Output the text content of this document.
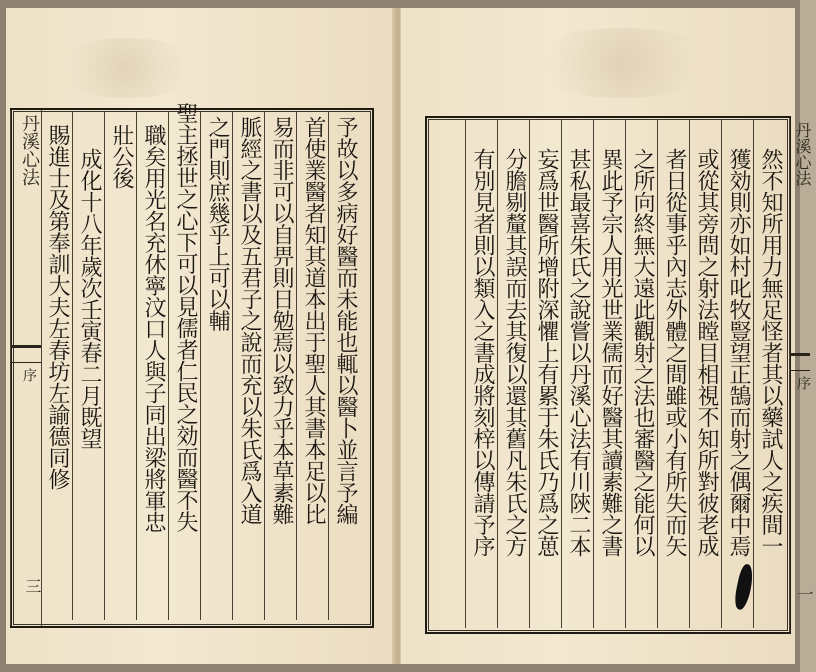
丹溪心法
序
三
予故以多病好醫而未能也輒以醫卜並言予編
首使業醫者知其道本出于聖人其書本足以比
易而非可以自畀則日勉焉以致力乎本草素難
脈經之書以及五君子之說而充以朱氏爲入道
之門則庶幾乎上可以輔
聖主拯世之心下可以見儒者仁民之効而醫不失
職矣用光名充休寧汶口人與子同出梁將軍忠
壯公後
成化十八年歲次壬寅春二月既望
賜進士及第奉訓大夫左春坊左諭德同修	然不知所用力無足怪者其以藥試人之疾間一
獲効則亦如村叱牧豎望正鵠而射之偶爾中焉
或從其旁問之射法瞠目相視不知所對彼老成
者日從事乎內志外體之間雖或小有所失而矢
之所向終無大遠此觀射之法也審醫之能何以
異此予宗人用光世業儒而好醫其讀素難之書
甚私最喜朱氏之說嘗以丹溪心法有川陝二本
妄爲世醫所增附深懼上有累于朱氏乃爲之葸
分膽剔釐其誤而去其復以還其舊凡朱氏之方
有別見者則以類入之書成將刻梓以傳請予序	丹溪心法
序
一
